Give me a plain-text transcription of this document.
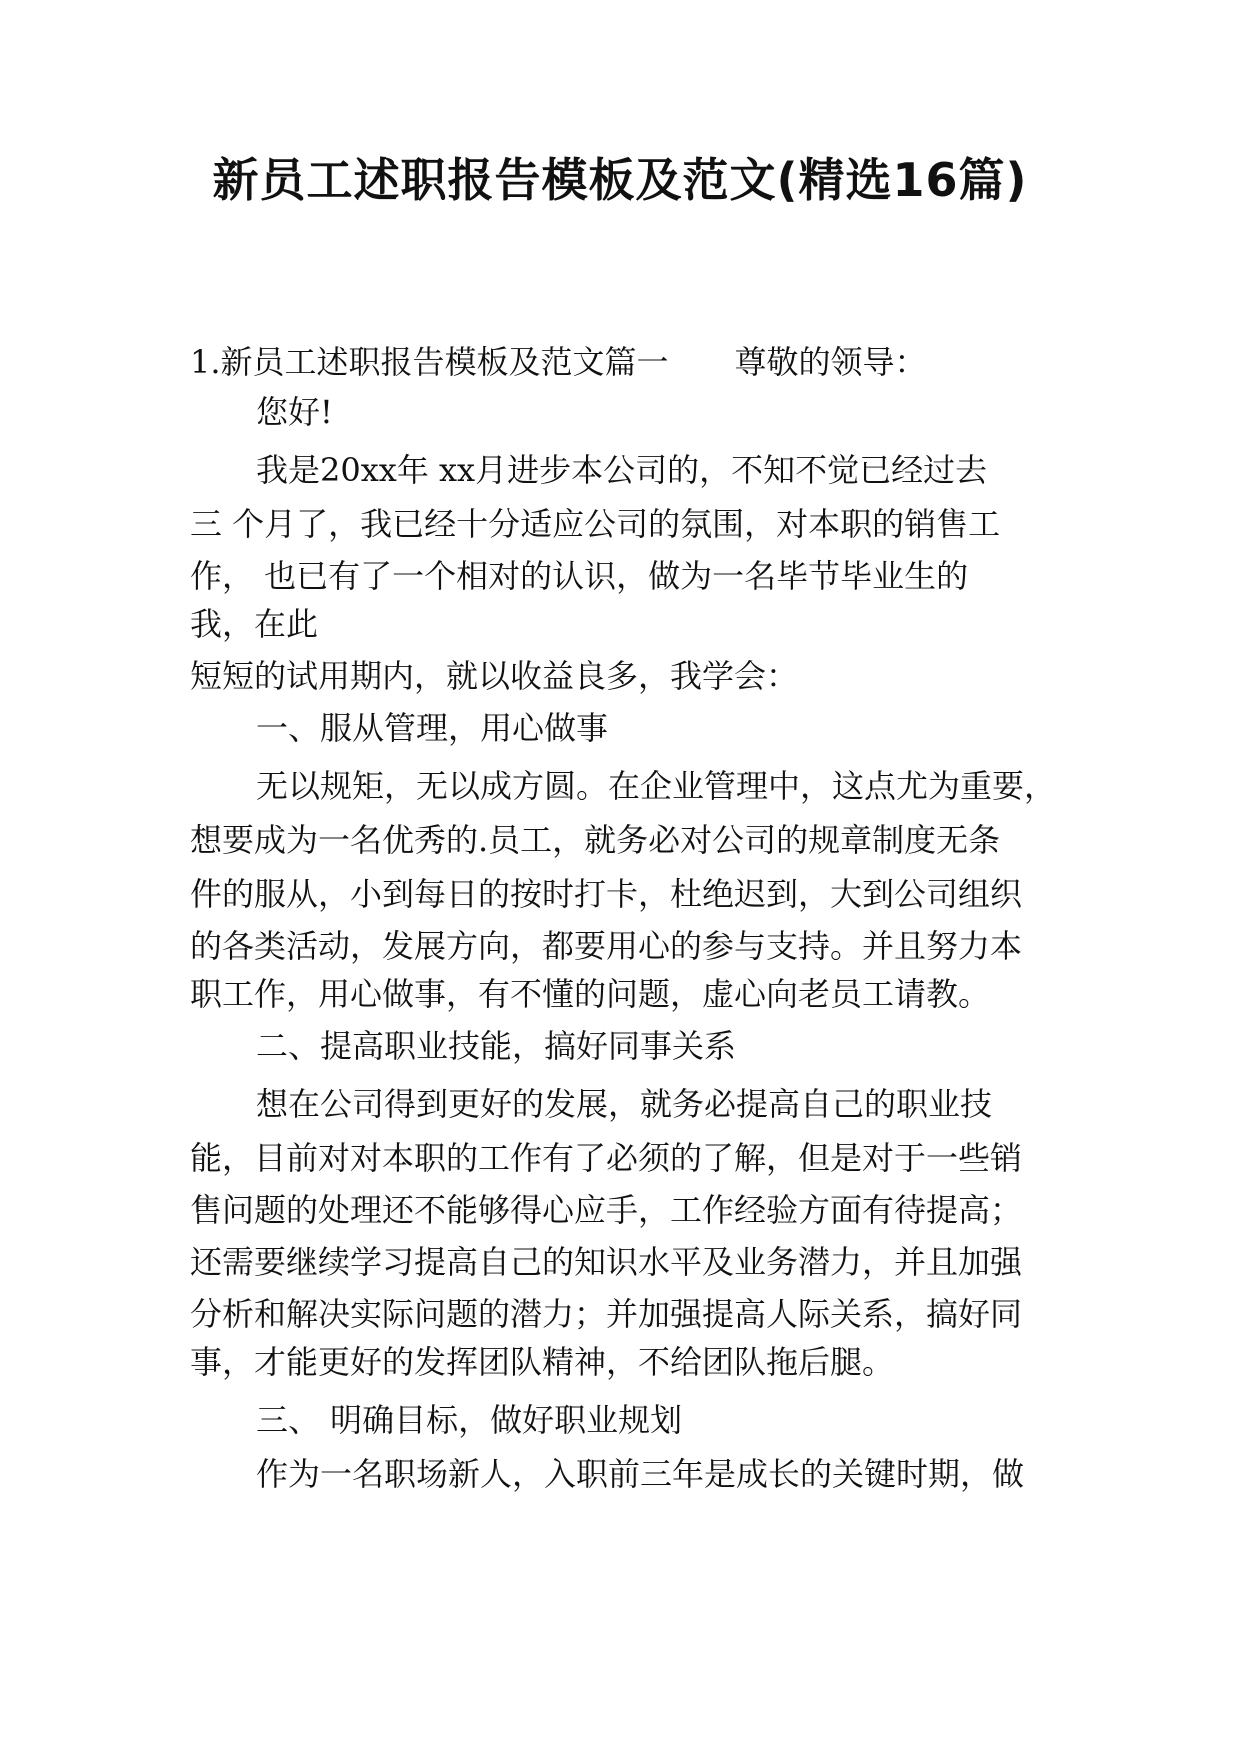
新员工述职报告模板及范文(精选16篇)
1.新员工述职报告模板及范文篇一 尊敬的领导：
您好!
我是20xx年 xx月进步本公司的，不知不觉已经过去
三 个月了，我已经十分适应公司的氛围，对本职的销售工
作， 也已有了一个相对的认识，做为一名毕节毕业生的
我，在此
短短的试用期内，就以收益良多，我学会：
一、服从管理，用心做事
无以规矩，无以成方圆。在企业管理中，这点尤为重要，
想要成为一名优秀的.员工，就务必对公司的规章制度无条
件的服从，小到每日的按时打卡，杜绝迟到，大到公司组织
的各类活动，发展方向，都要用心的参与支持。并且努力本
职工作，用心做事，有不懂的问题，虚心向老员工请教。
二、提高职业技能，搞好同事关系
想在公司得到更好的发展，就务必提高自己的职业技
能，目前对对本职的工作有了必须的了解，但是对于一些销
售问题的处理还不能够得心应手，工作经验方面有待提高；
还需要继续学习提高自己的知识水平及业务潜力，并且加强
分析和解决实际问题的潜力；并加强提高人际关系，搞好同
事，才能更好的发挥团队精神，不给团队拖后腿。
三、 明确目标，做好职业规划
作为一名职场新人，入职前三年是成长的关键时期，做
